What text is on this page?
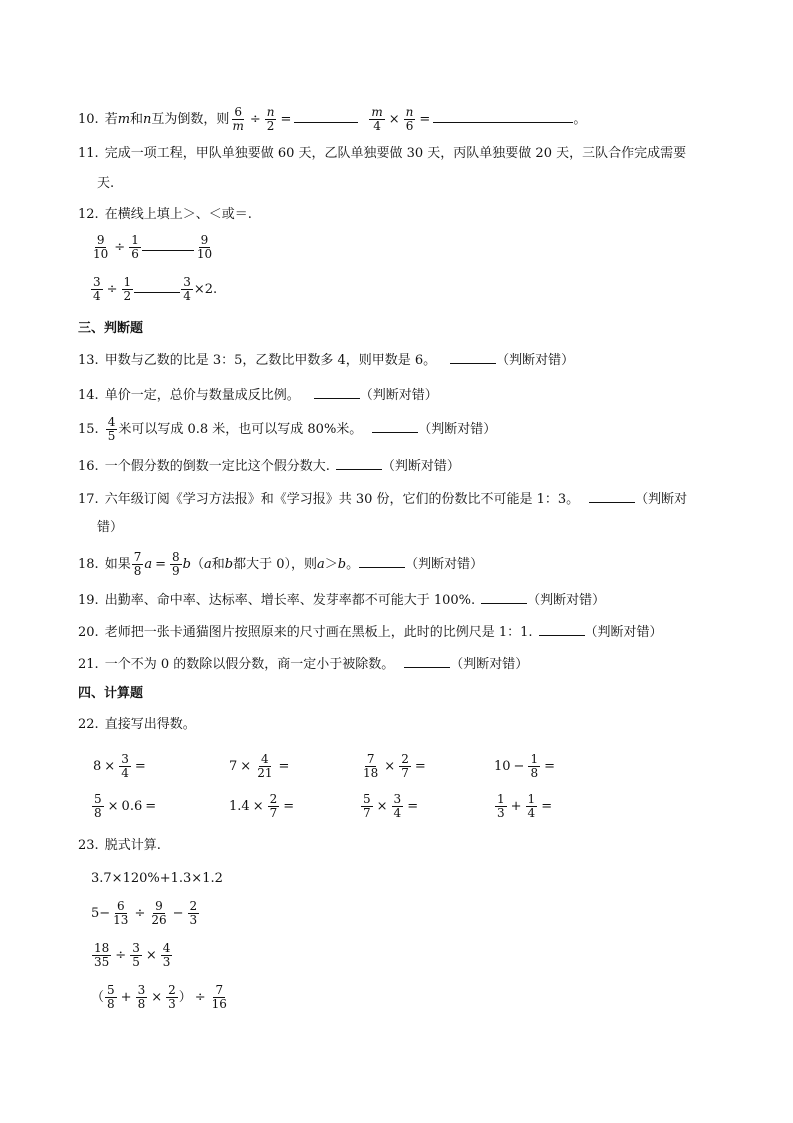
10. 若m和n互为倒数，则 $\frac{6}{m} \div \frac{n}{2}$ =	$\frac{m}{4} \times \frac{n}{6}$ =	。
11. 完成一项工程，甲队单独要做 60 天，乙队单独要做 30 天，丙队单独要做 20 天，三队合作完成需要
天.
12. 在横线上填上＞、＜或＝.
$\frac{9}{10} \div \frac{1}{6}$	$\frac{9}{10}$
$\frac{3}{4} \div \frac{1}{2}$	$\frac{3}{4} \times 2$.
三、判断题
13. 甲数与乙数的比是 3：5，乙数比甲数多 4，则甲数是 6。	（判断对错）
14. 单价一定，总价与数量成反比例。	（判断对错）
15. $\frac{4}{5}$ 米可以写成 0.8 米，也可以写成 80%米。	（判断对错）
16. 一个假分数的倒数一定比这个假分数大.	（判断对错）
17. 六年级订阅《学习方法报》和《学习报》共 30 份，它们的份数比不可能是 1：3。	（判断对
错）
18. 如果 $\frac{7}{8}$ $a = \frac{8}{9} b(a$和b都大于 0），则a＞b。	（判断对错）
19. 出勤率、命中率、达标率、增长率、发芽率都不可能大于 100%.	（判断对错）
20. 老师把一张卡通猫图片按照原来的尺寸画在黑板上，此时的比例尺是 1：1.	（判断对错）
21. 一个不为 0 的数除以假分数，商一定小于被除数。	（判断对错）
四、计算题
22. 直接写出得数。
$8 \times \frac{3}{4}$ =	$7 \times \frac{4}{21}$ =	$\frac{7}{18} \times \frac{2}{7}$ =	$10 - \frac{1}{8}$ =
$\frac{5}{8} \times 0.6$ =	$1.4 \times \frac{2}{7}$ =	$\frac{5}{7} \times \frac{3}{4}$ =	$\frac{1}{3} + \frac{1}{4}$ =
23. 脱式计算.
3.7×120%+1.3×1.2
$5- \frac{6}{13} \div \frac{9}{26} - \frac{2}{3}$
$\frac{18}{35} \div \frac{3}{5} \times \frac{4}{3}$
（ $\frac{5}{8} + \frac{3}{8} \times \frac{2}{3}$ ） ÷ $\frac{7}{16}$
